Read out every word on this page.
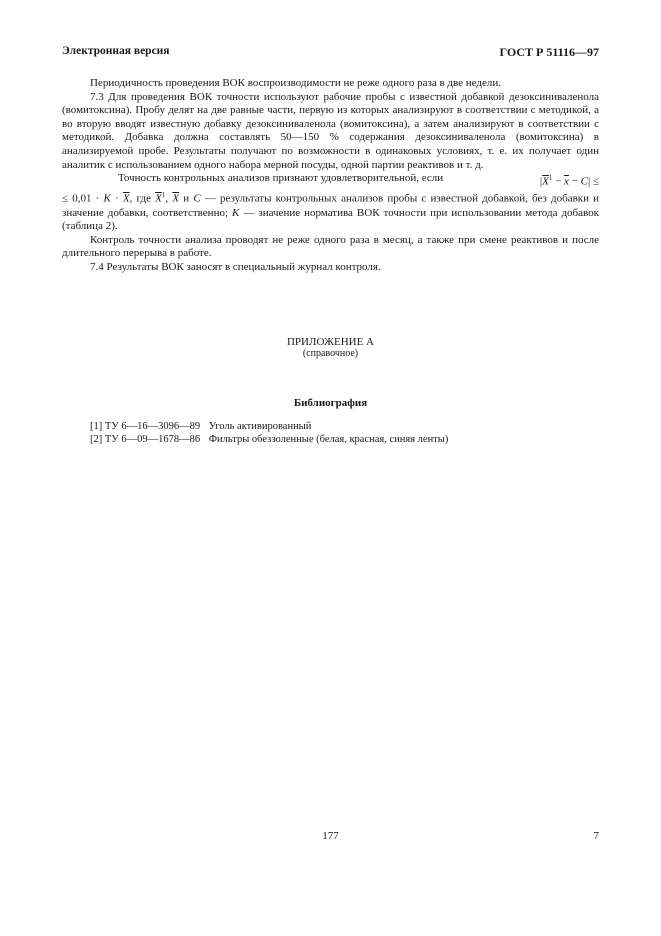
Электронная версия	ГОСТ Р 51116—97

Периодичность проведения ВОК воспроизводимости не реже одного раза в две недели.

7.3 Для проведения ВОК точности используют рабочие пробы с известной добавкой дезоксиниваленола (вомитоксина). Пробу делят на две равные части, первую из которых анализируют в соответствии с методикой, а во вторую вводят известную добавку дезоксиниваленола (вомитоксина), а затем анализируют в соответствии с методикой. Добавка должна составлять 50—150 % содержания дезоксиниваленола (вомитоксина) в анализируемой пробе. Результаты получают по возможности в одинаковых условиях, т. е. их получает один аналитик с использованием одного набора мерной посуды, одной партии реактивов и т. д.

Точность контрольных анализов признают удовлетворительной, если	$|\overline{X}^1 - \overline{x} - C|$ ≤

≤ $0,01 \cdot K \cdot \overline{X}$, где $\overline{X}^1$, $\overline{X}$ и C — результаты контрольных анализов пробы с известной добавкой, без добавки и значение добавки, соответственно; K — значение норматива ВОК точности при использовании метода добавок (таблица 2).

Контроль точности анализа проводят не реже одного раза в месяц, а также при смене реактивов и после длительного перерыва в работе.

7.4 Результаты ВОК заносят в специальный журнал контроля.

ПРИЛОЖЕНИЕ А
(справочное)
Библиография
[1] ТУ 6—16—3096—89 Уголь активированный
[2] ТУ 6—09—1678—86 Фильтры обеззоленные (белая, красная, синяя ленты)
177	7
